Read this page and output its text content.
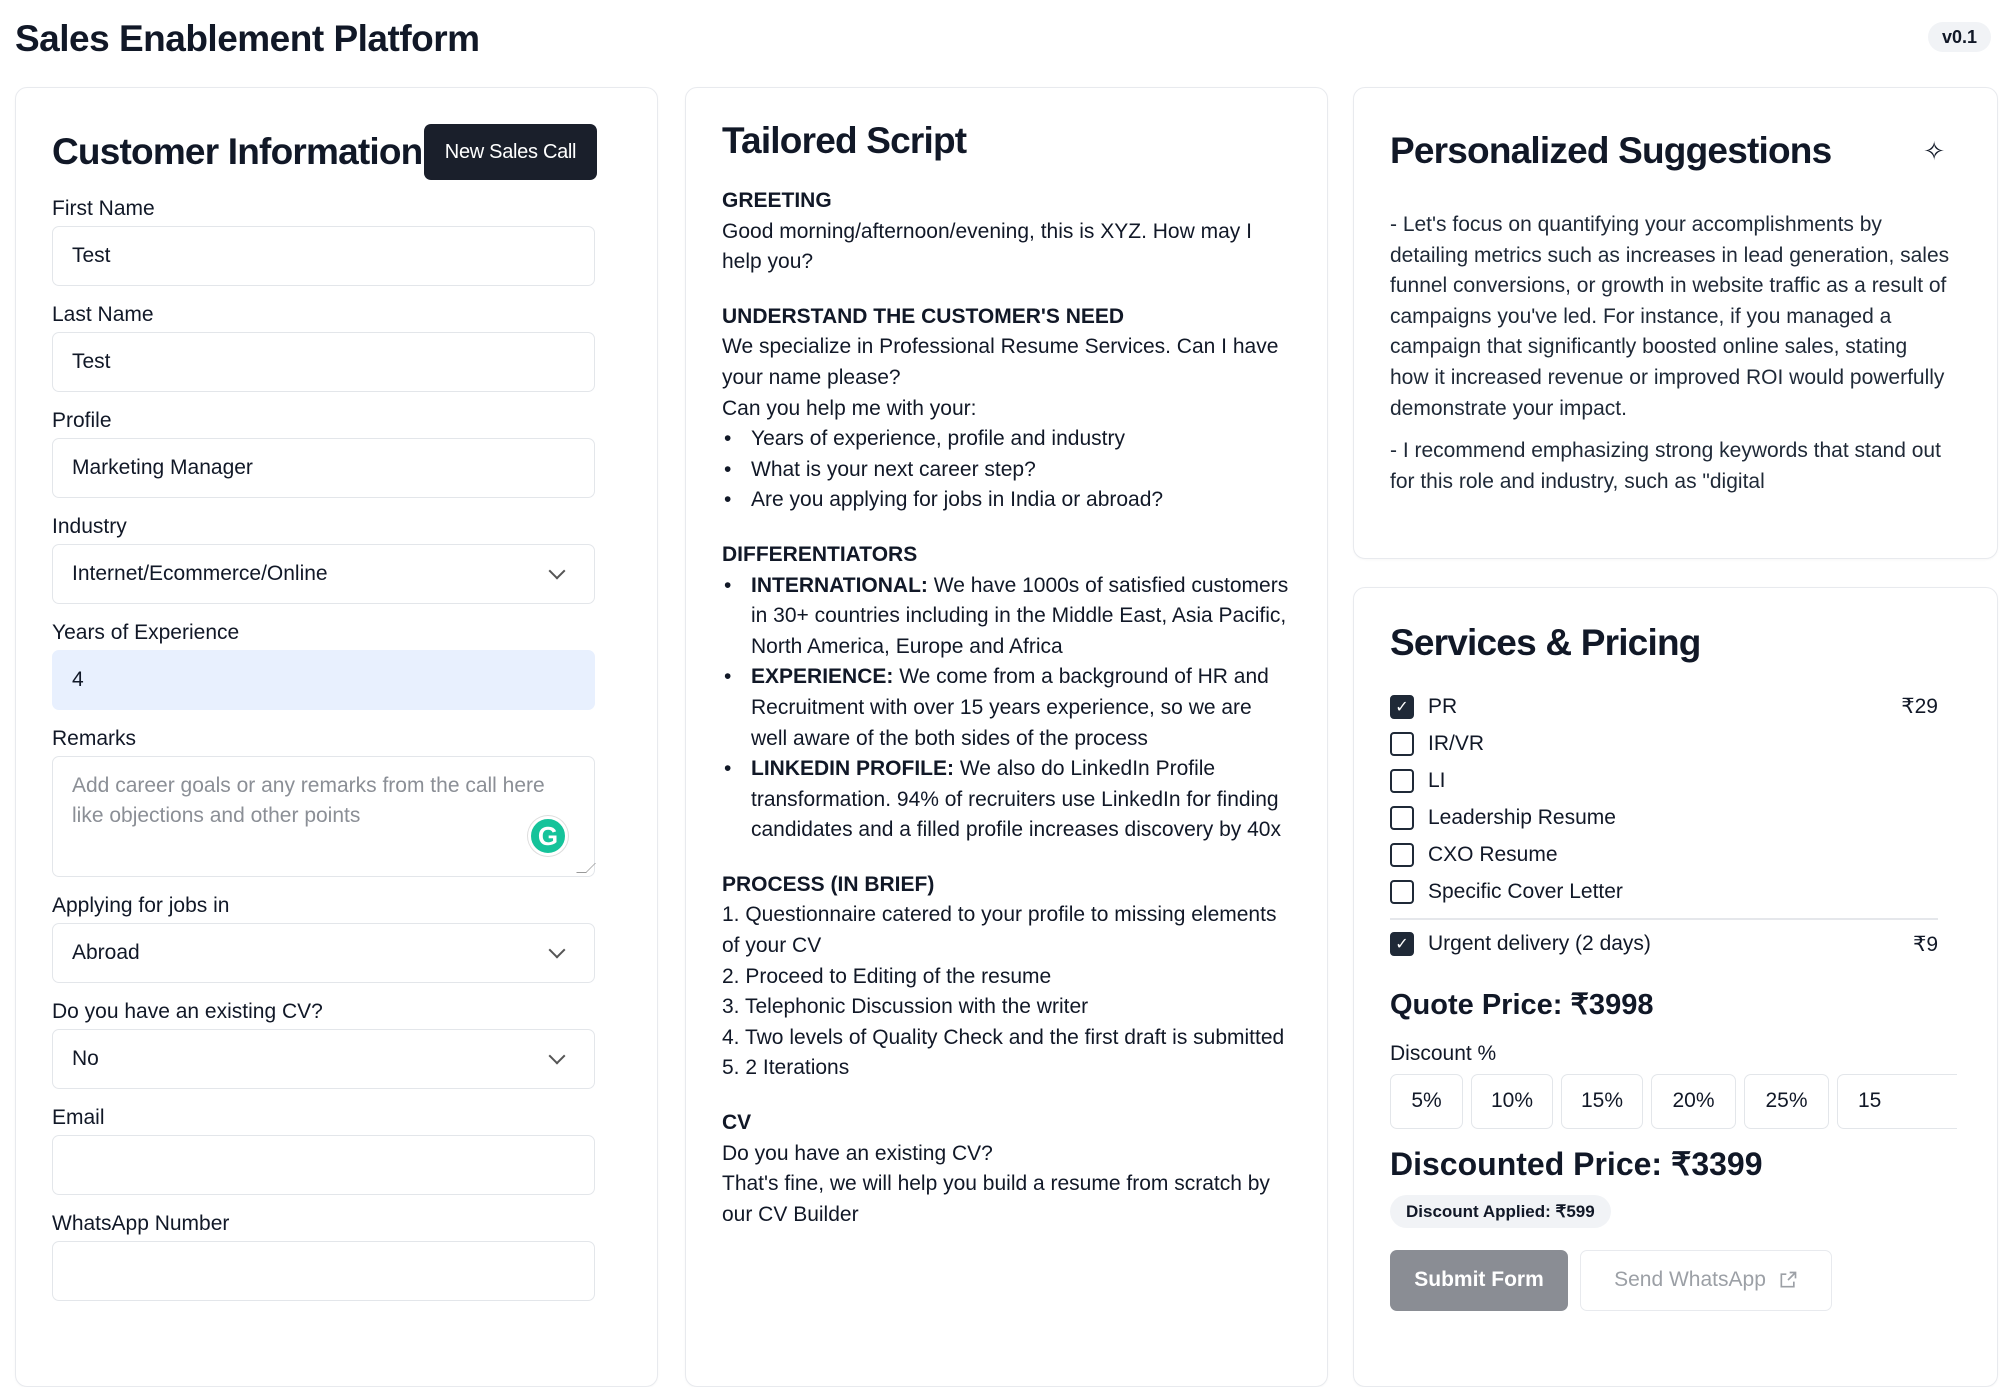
Sales Enablement Platform	v0.1
Customer Information	New Sales Call
First Name
Test
Last Name
Test
Profile
Marketing Manager
Industry
Internet/Ecommerce/Online
Years of Experience
4
Remarks
Add career goals or any remarks from the call here like objections and other points
G
Applying for jobs in
Abroad
Do you have an existing CV?
No
Email
WhatsApp Number
Tailored Script
GREETING

Good morning/afternoon/evening, this is XYZ. How may I help you?

UNDERSTAND THE CUSTOMER'S NEED

We specialize in Professional Resume Services. Can I have your name please?

Can you help me with your:

• Years of experience, profile and industry
• What is your next career step?
• Are you applying for jobs in India or abroad?
DIFFERENTIATORS
• INTERNATIONAL: We have 1000s of satisfied customers in 30+ countries including in the Middle East, Asia Pacific, North America, Europe and Africa
• EXPERIENCE: We come from a background of HR and Recruitment with over 15 years experience, so we are well aware of the both sides of the process
• LINKEDIN PROFILE: We also do LinkedIn Profile transformation. 94% of recruiters use LinkedIn for finding candidates and a filled profile increases discovery by 40x
PROCESS (IN BRIEF)

1. Questionnaire catered to your profile to missing elements of your CV

2. Proceed to Editing of the resume

3. Telephonic Discussion with the writer

4. Two levels of Quality Check and the first draft is submitted

5. 2 Iterations

CV

Do you have an existing CV?

That's fine, we will help you build a resume from scratch by our CV Builder

Personalized Suggestions	✧

- Let's focus on quantifying your accomplishments by detailing metrics such as increases in lead generation, sales funnel conversions, or growth in website traffic as a result of campaigns you've led. For instance, if you managed a campaign that significantly boosted online sales, stating how it increased revenue or improved ROI would powerfully demonstrate your impact.

- I recommend emphasizing strong keywords that stand out for this role and industry, such as "digital

Services & Pricing
✓ PR	₹29
IR/VR
LI
Leadership Resume
CXO Resume
Specific Cover Letter
✓ Urgent delivery (2 days)	₹9
Quote Price: ₹3998
Discount %
5%	10%	15%	20%	25%	15
Discounted Price: ₹3399
Discount Applied: ₹599
Submit Form	Send WhatsApp
